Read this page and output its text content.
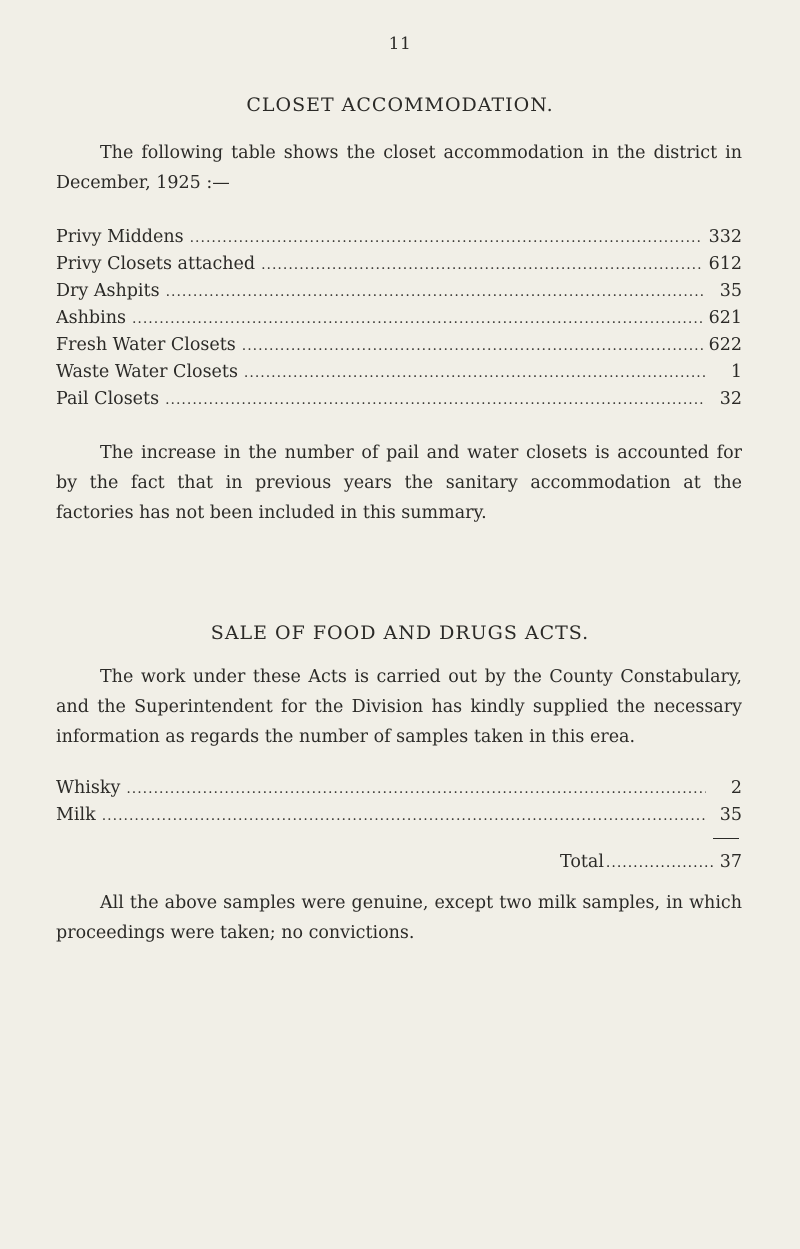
11
CLOSET ACCOMMODATION.

The following table shows the closet accommodation in the district in December, 1925 :—

Privy Middens .....	332
Privy Closets attached .....	612
Dry Ashpits .....	35
Ashbins .....	621
Fresh Water Closets .....	622
Waste Water Closets .....	1
Pail Closets .....	32

The increase in the number of pail and water closets is accounted for by the fact that in previous years the sanitary accommodation at the factories has not been included in this summary.

SALE OF FOOD AND DRUGS ACTS.

The work under these Acts is carried out by the County Constabulary, and the Superintendent for the Division has kindly supplied the necessary information as regards the number of samples taken in this erea.

Whisky .....	2
Milk .....	35
Total .....	37

All the above samples were genuine, except two milk samples, in which proceedings were taken; no convictions.
